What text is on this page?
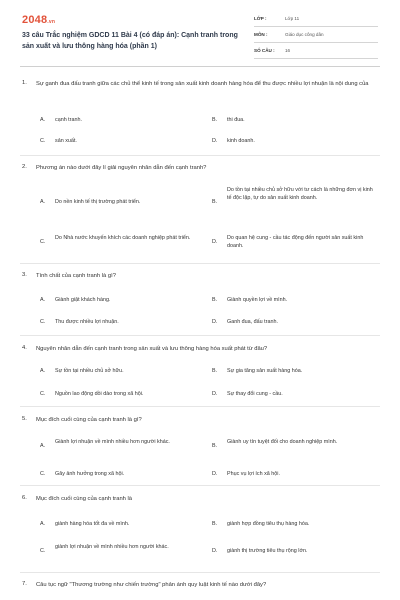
2048.vn
33 câu Trắc nghiệm GDCD 11 Bài 4 (có đáp án): Cạnh tranh trong sản xuất và lưu thông hàng hóa (phần 1)
LỚP :	Lớp 11
MÔN :	Giáo dục công dân
SỐ CÂU : 16
1. Sự ganh đua đấu tranh giữa các chủ thể kinh tế trong sản xuất kinh doanh hàng hóa để thu được nhiều lợi nhuận là nội dung của
A. cạnh tranh.	B. thi đua.
C. sản xuất.	D. kinh doanh.
2. Phương án nào dưới đây lí giải nguyên nhân dẫn đến cạnh tranh?
A. Do nền kinh tế thị trường phát triển.	B.
Do tồn tại nhiều chủ sở hữu với tư cách là những đơn vị kinh tế độc lập, tự do sản xuất kinh doanh.
C.
Do Nhà nước khuyến khích các doanh nghiệp phát triển.
D.
Do quan hệ cung - cầu tác động đến người sản xuất kinh doanh.
3. Tính chất của cạnh tranh là gì?
A. Giành giật khách hàng.	B. Giành quyền lợi về mình.
C. Thu được nhiều lợi nhuận.	D. Ganh đua, đấu tranh.
4. Nguyên nhân dẫn đến cạnh tranh trong sản xuất và lưu thông hàng hóa xuất phát từ đâu?
A. Sự tồn tại nhiều chủ sở hữu.	B. Sự gia tăng sản xuất hàng hóa.
C. Nguồn lao động dồi dào trong xã hội.	D. Sự thay đổi cung - cầu.
5. Mục đích cuối cùng của cạnh tranh là gì?
A.
Giành lợi nhuận về mình nhiều hơn người khác.
B.
Giành uy tín tuyệt đối cho doanh nghiệp mình.
C. Gây ảnh hưởng trong xã hội.	D. Phục vụ lợi ích xã hội.
6. Mục đích cuối cùng của cạnh tranh là
A. giành hàng hóa tốt đa về mình.	B. giành hợp đồng tiêu thụ hàng hóa.
C.
giành lợi nhuận về mình nhiều hơn người khác.
D. giành thị trường tiêu thụ rộng lớn.
7. Câu tục ngữ "Thương trường như chiến trường" phản ánh quy luật kinh tế nào dưới đây?
